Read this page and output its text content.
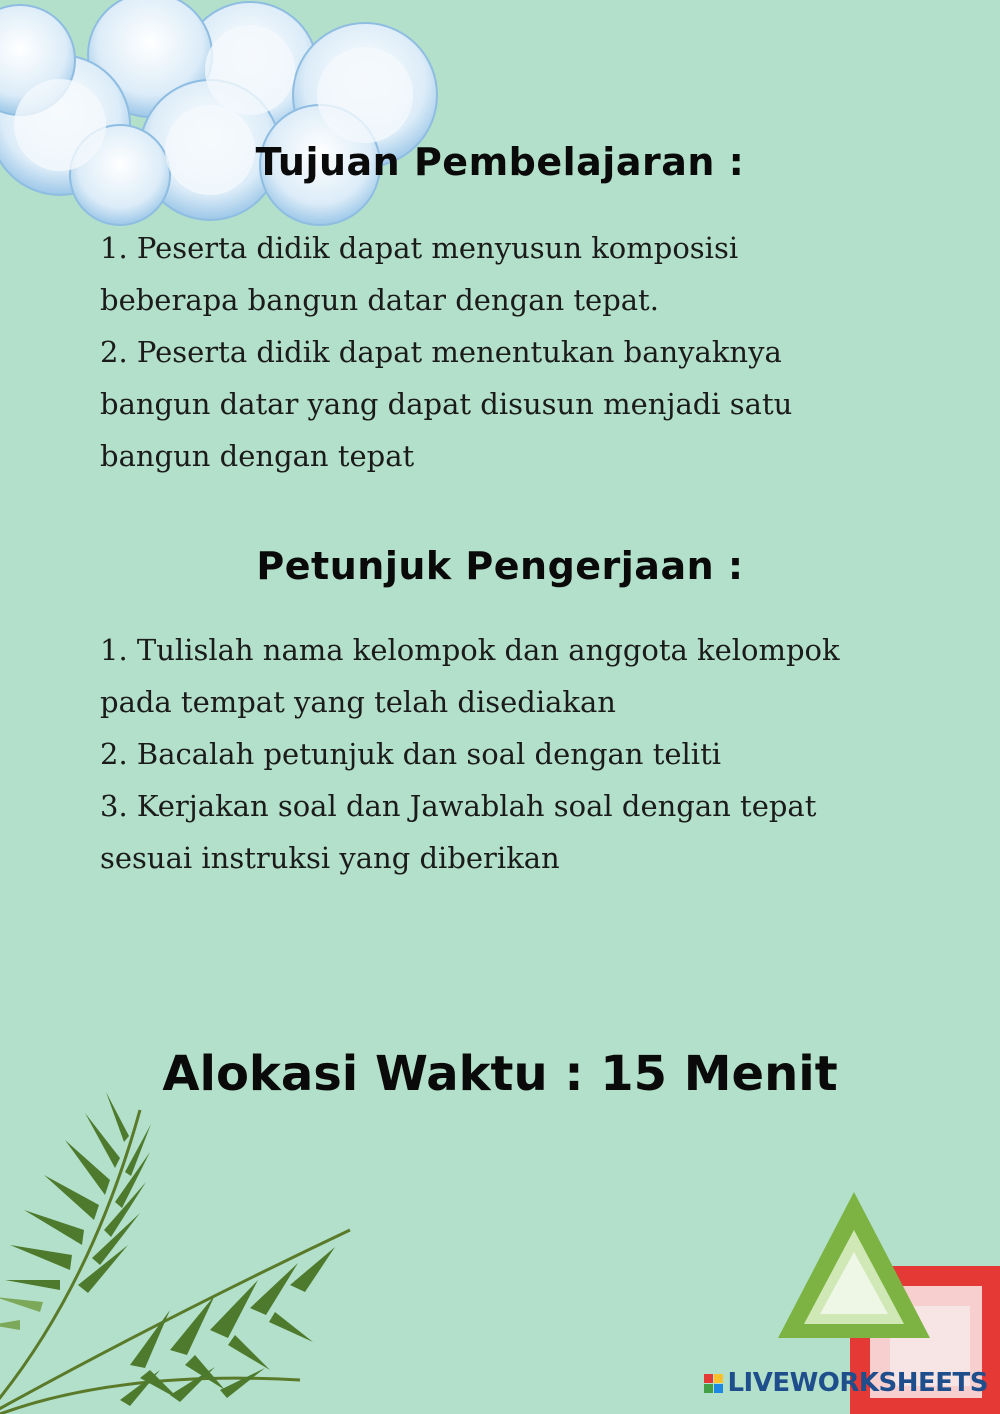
Tujuan Pembelajaran :

1. Peserta didik dapat menyusun komposisi

beberapa bangun datar dengan tepat.

2. Peserta didik dapat menentukan banyaknya

bangun datar yang dapat disusun menjadi satu

bangun dengan tepat

Petunjuk Pengerjaan :

1. Tulislah nama kelompok dan anggota kelompok

pada tempat yang telah disediakan

2. Bacalah petunjuk dan soal dengan teliti

3. Kerjakan soal dan Jawablah soal dengan tepat

sesuai instruksi yang diberikan

Alokasi Waktu : 15 Menit
LIVEWORKSHEETS
